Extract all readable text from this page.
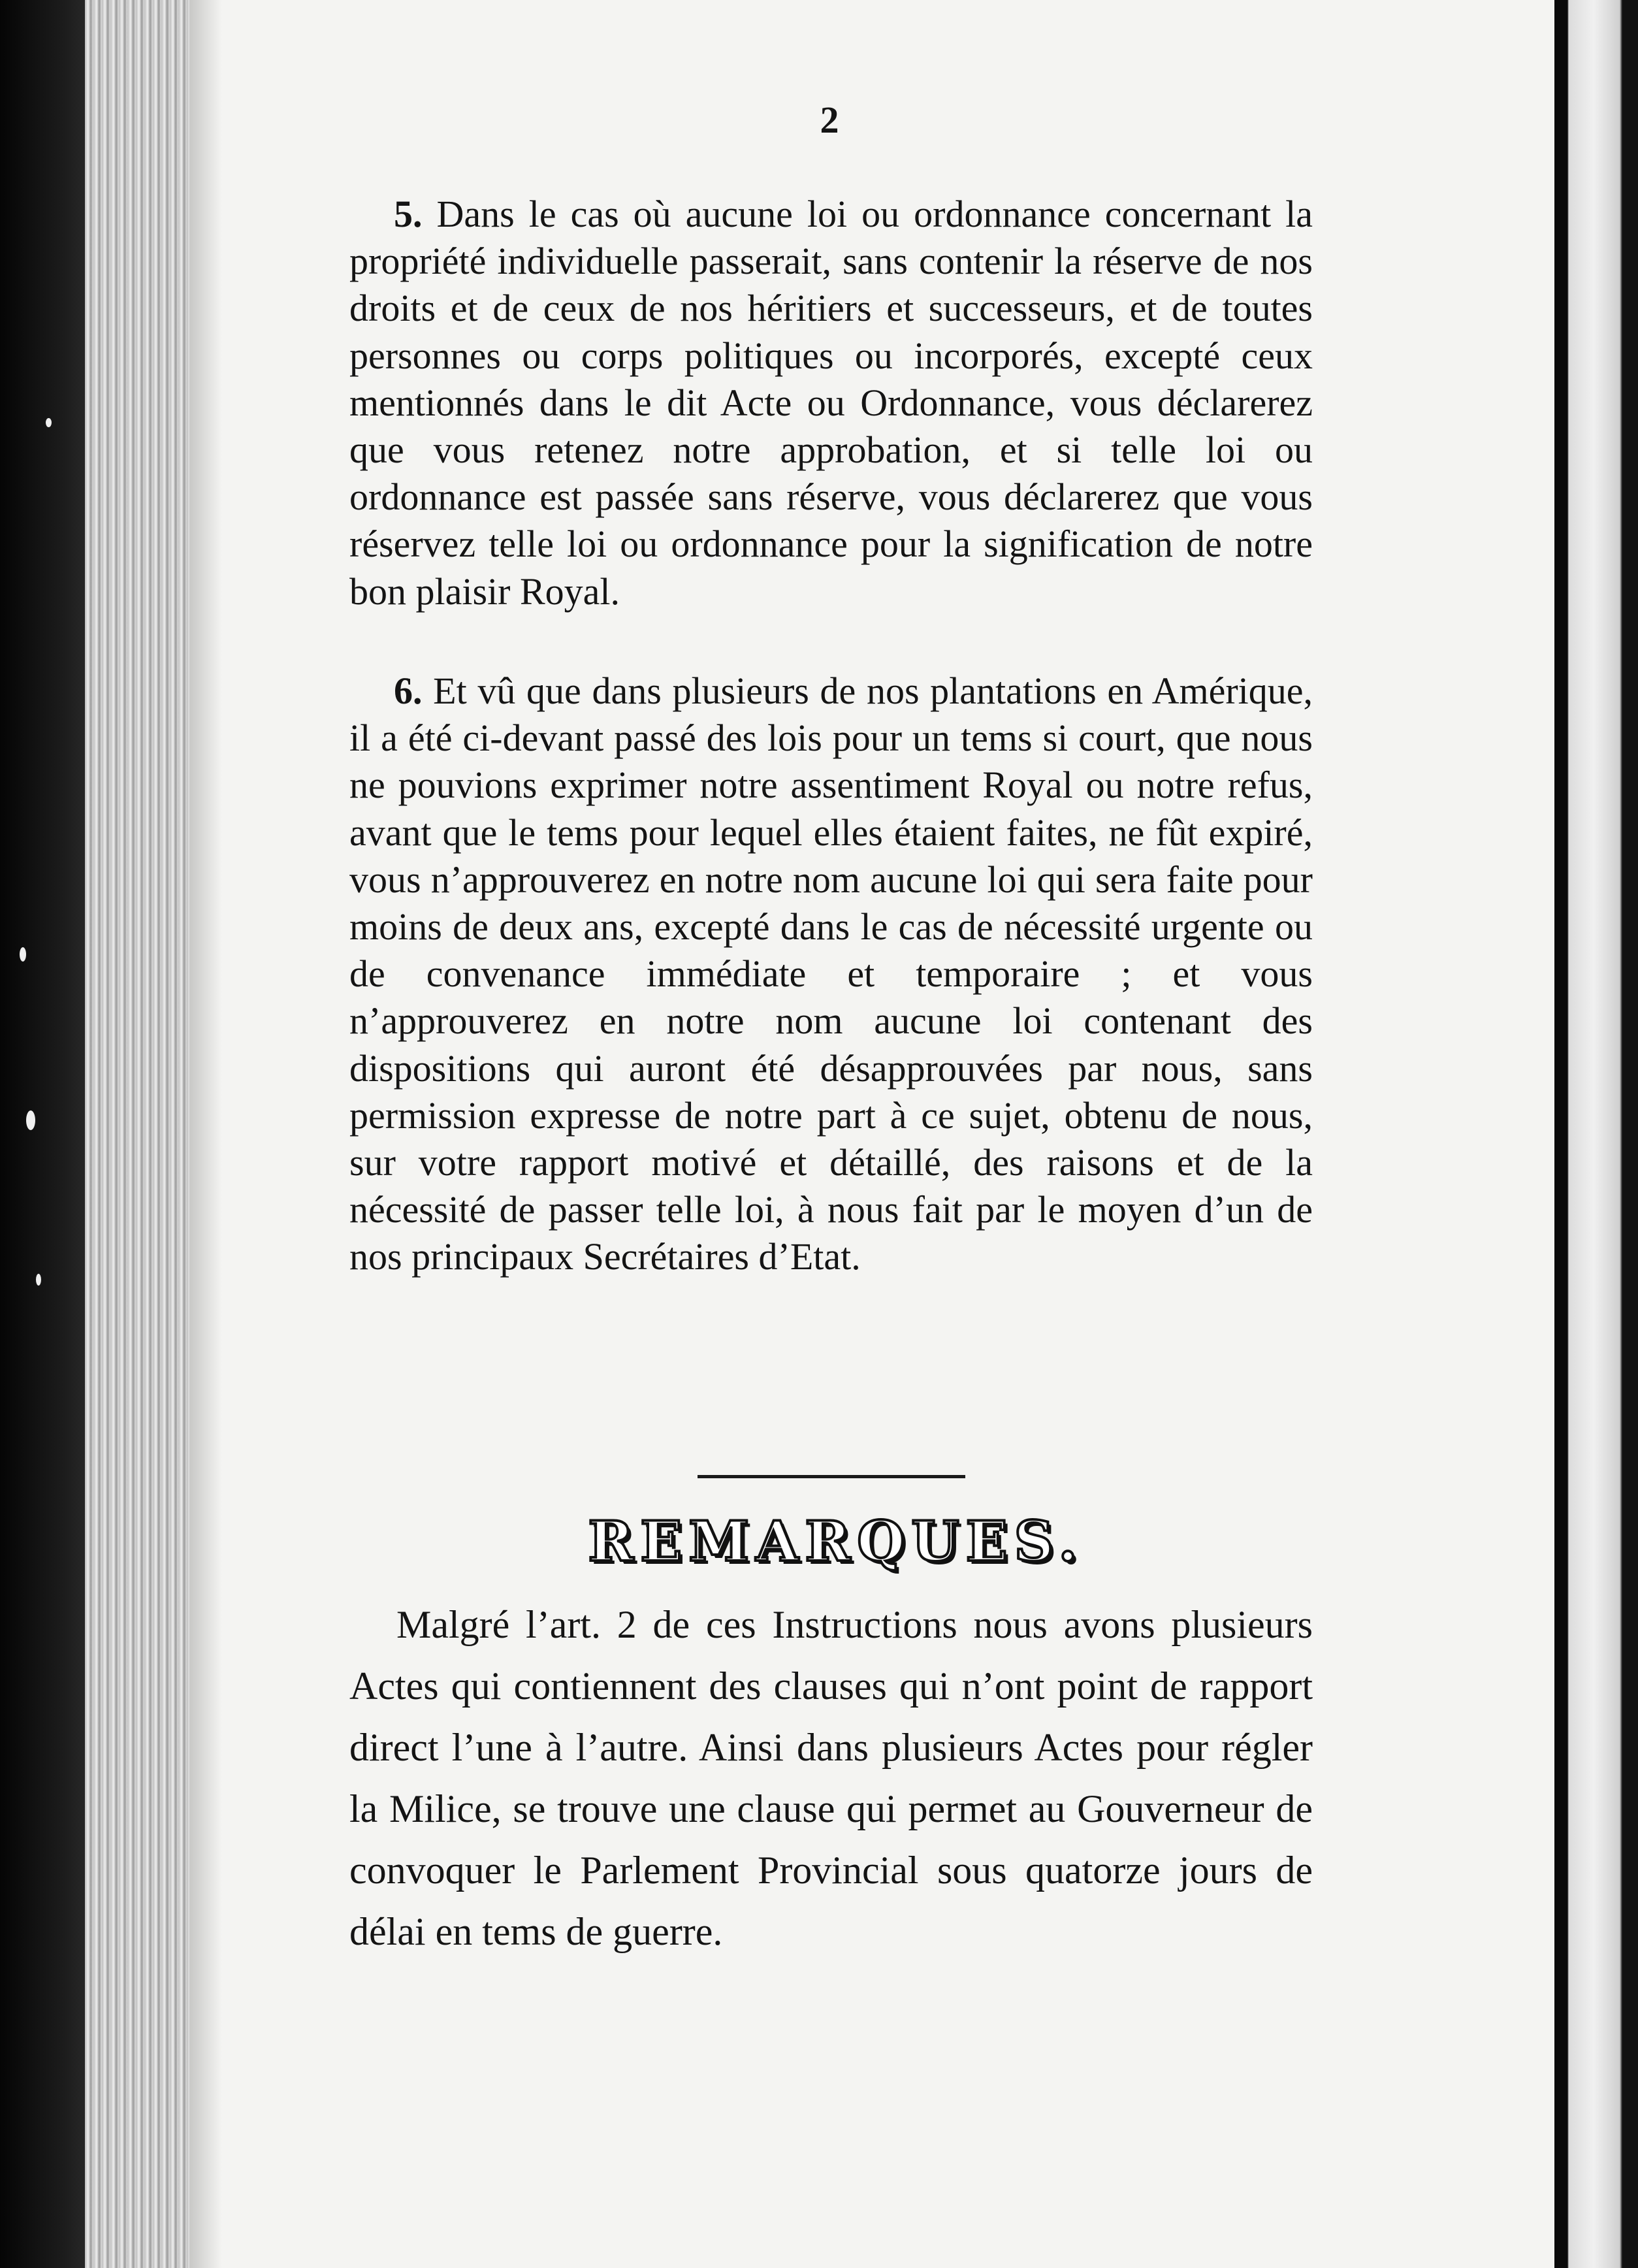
2

5. Dans le cas où aucune loi ou ordonnance concernant la propriété individuelle passerait, sans contenir la réserve de nos droits et de ceux de nos héritiers et successeurs, et de toutes personnes ou corps politiques ou incorporés, excepté ceux mentionnés dans le dit Acte ou Ordonnance, vous déclarerez que vous retenez notre approbation, et si telle loi ou ordonnance est passée sans réserve, vous déclarerez que vous réservez telle loi ou ordonnance pour la signification de notre bon plaisir Royal.

6. Et vû que dans plusieurs de nos plantations en Amérique, il a été ci-devant passé des lois pour un tems si court, que nous ne pouvions exprimer notre assentiment Royal ou notre refus, avant que le tems pour lequel elles étaient faites, ne fût expiré, vous n’approuverez en notre nom aucune loi qui sera faite pour moins de deux ans, excepté dans le cas de nécessité urgente ou de convenance immédiate et temporaire ; et vous n’approuverez en notre nom aucune loi contenant des dispositions qui auront été désapprouvées par nous, sans permission expresse de notre part à ce sujet, obtenu de nous, sur votre rapport motivé et détaillé, des raisons et de la nécessité de passer telle loi, à nous fait par le moyen d’un de nos principaux Secrétaires d’Etat.

REMARQUES.

Malgré l’art. 2 de ces Instructions nous avons plusieurs Actes qui contiennent des clauses qui n’ont point de rapport direct l’une à l’autre. Ainsi dans plusieurs Actes pour régler la Milice, se trouve une clause qui permet au Gouverneur de convoquer le Parlement Provincial sous quatorze jours de délai en tems de guerre.
